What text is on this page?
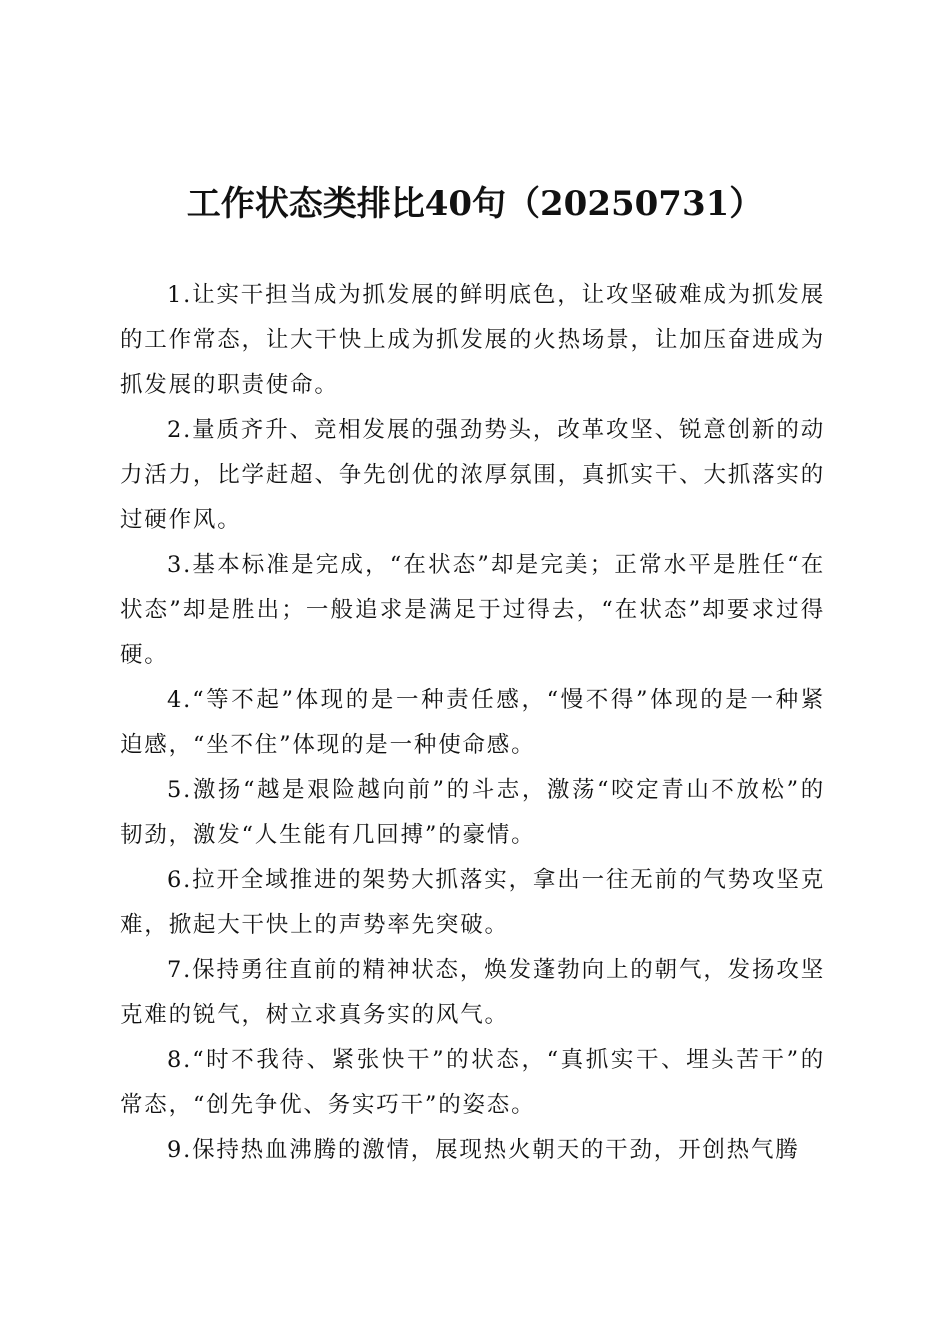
工作状态类排比40句（20250731）

1.让实干担当成为抓发展的鲜明底色，让攻坚破难成为抓发展的工作常态，让大干快上成为抓发展的火热场景，让加压奋进成为抓发展的职责使命。

2.量质齐升、竞相发展的强劲势头，改革攻坚、锐意创新的动力活力，比学赶超、争先创优的浓厚氛围，真抓实干、大抓落实的过硬作风。

3.基本标准是完成，“在状态”却是完美；正常水平是胜任“在状态”却是胜出；一般追求是满足于过得去，“在状态”却要求过得硬。

4.“等不起”体现的是一种责任感，“慢不得”体现的是一种紧迫感，“坐不住”体现的是一种使命感。

5.激扬“越是艰险越向前”的斗志，激荡“咬定青山不放松”的韧劲，激发“人生能有几回搏”的豪情。

6.拉开全域推进的架势大抓落实，拿出一往无前的气势攻坚克难，掀起大干快上的声势率先突破。

7.保持勇往直前的精神状态，焕发蓬勃向上的朝气，发扬攻坚克难的锐气，树立求真务实的风气。

8.“时不我待、紧张快干”的状态，“真抓实干、埋头苦干”的常态，“创先争优、务实巧干”的姿态。

9.保持热血沸腾的激情，展现热火朝天的干劲，开创热气腾
